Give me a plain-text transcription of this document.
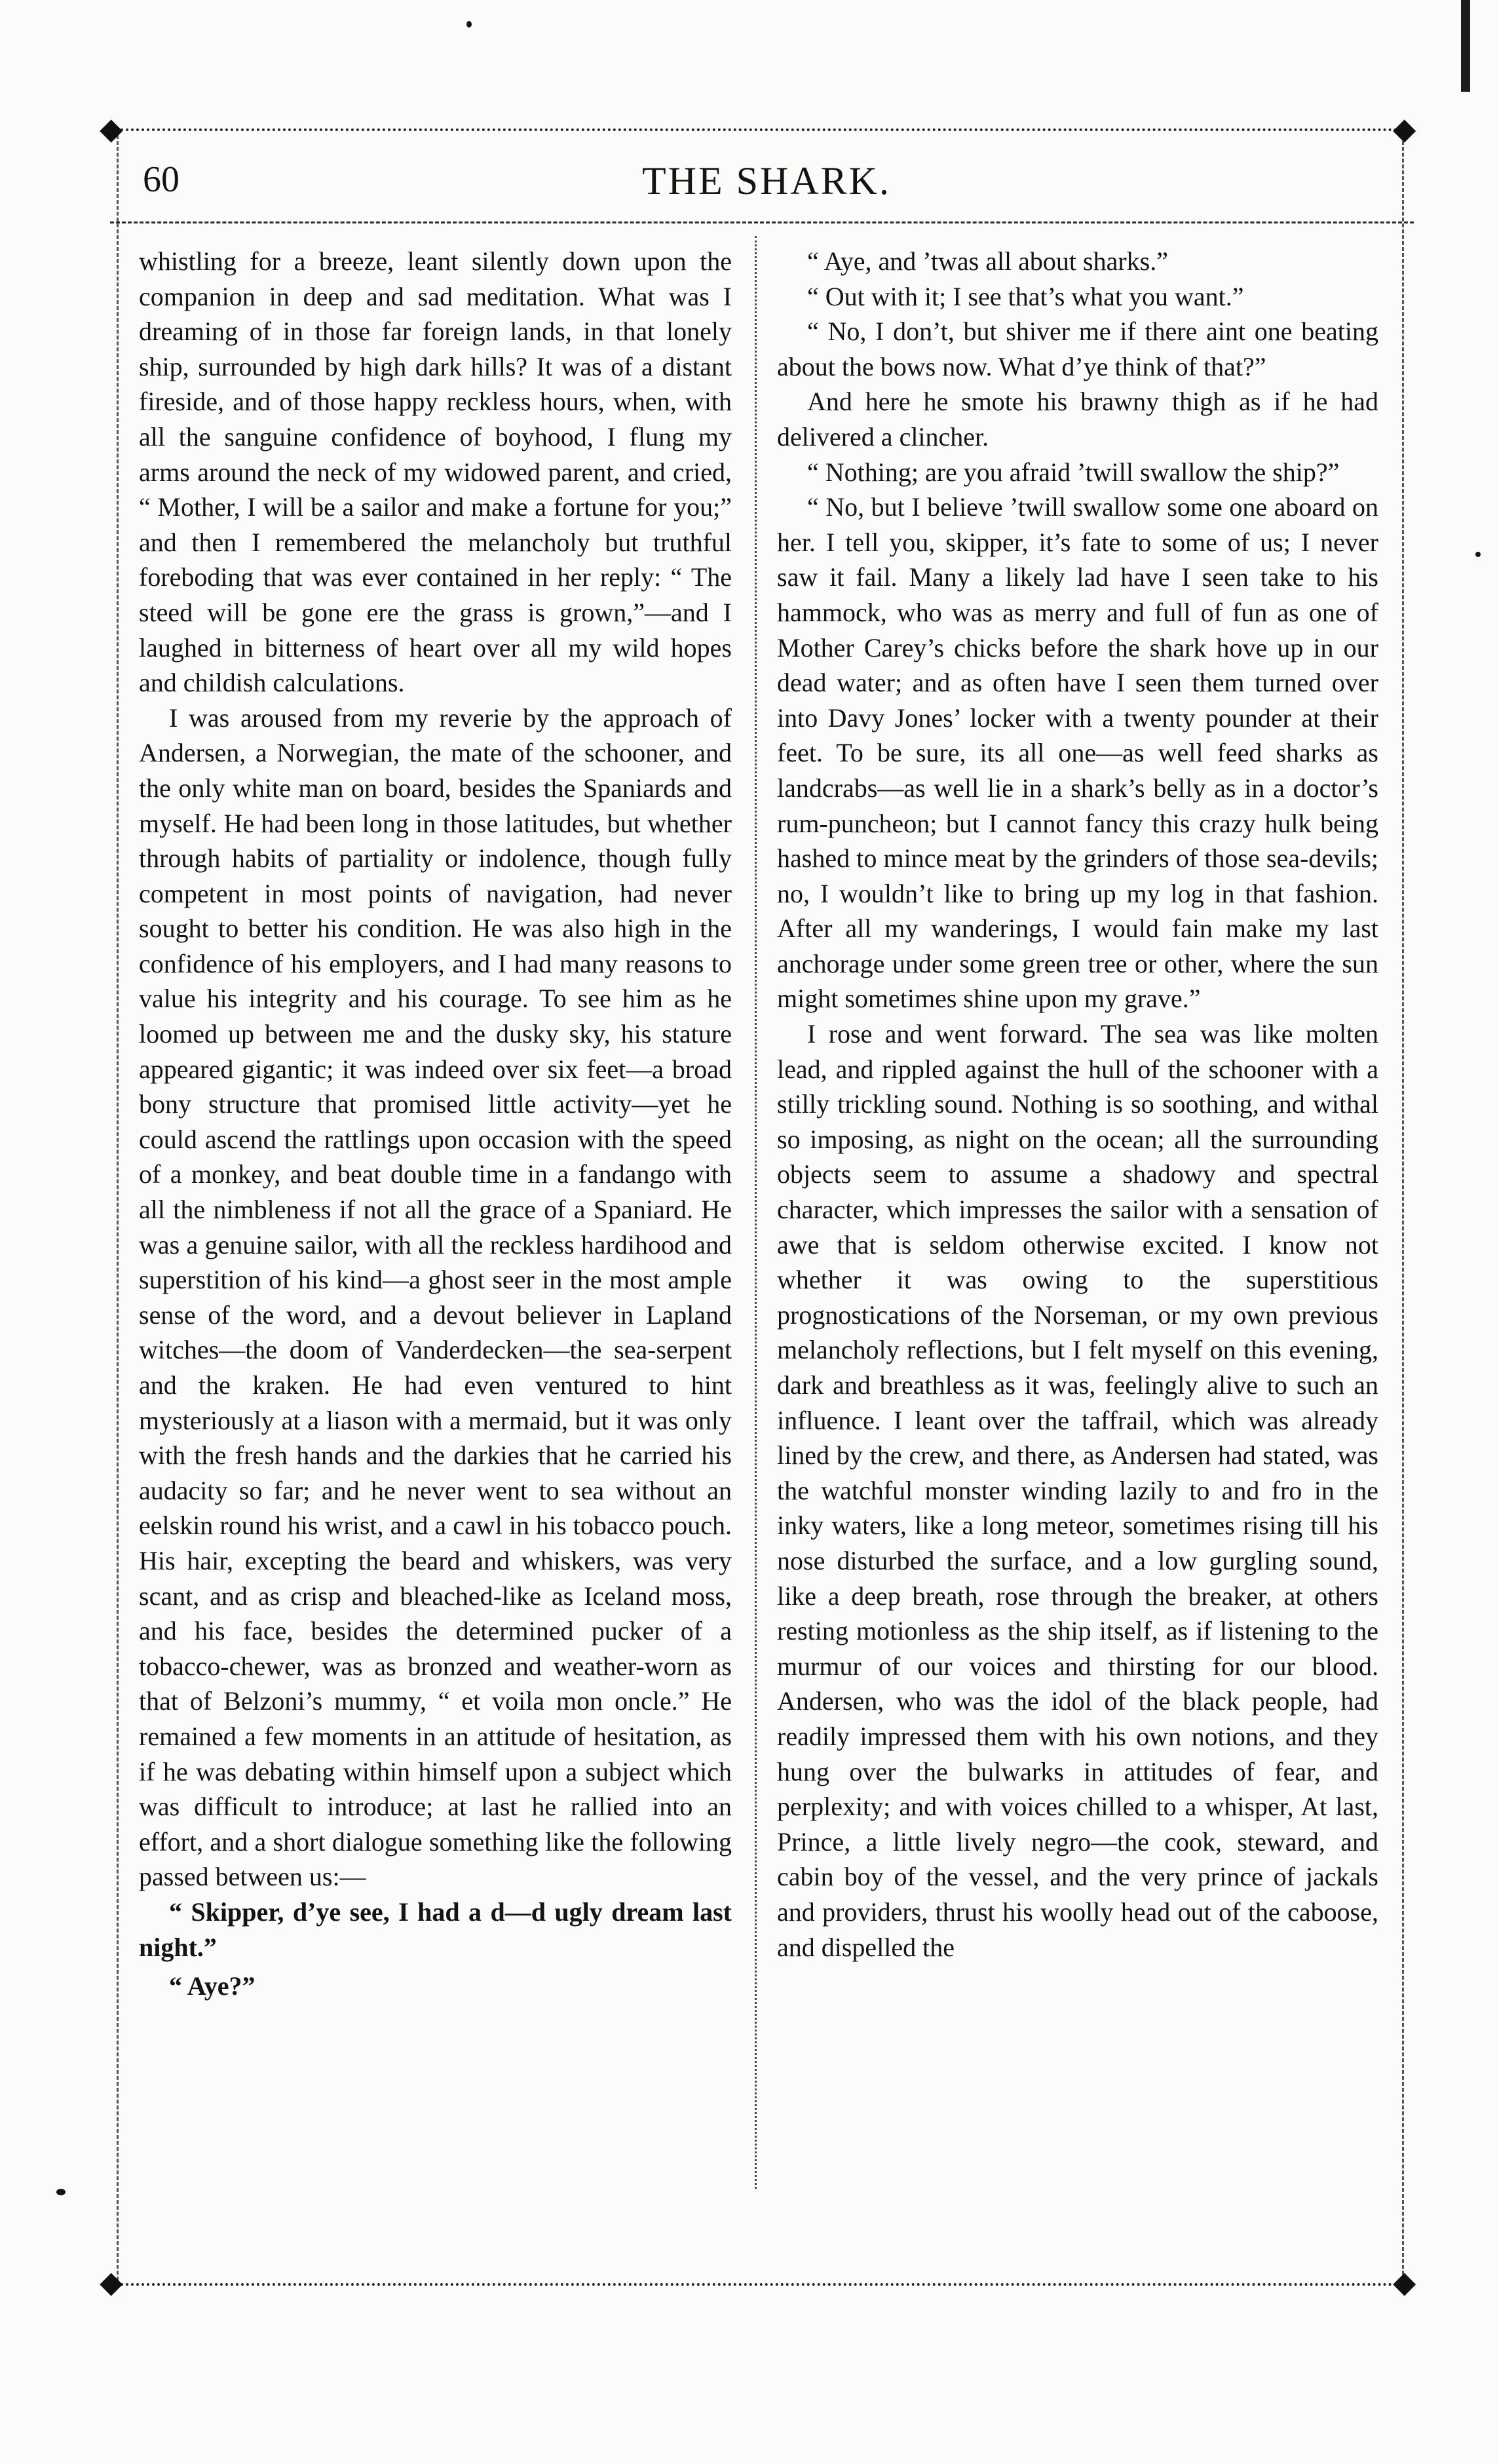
◆	◆
◆	◆
60	THE SHARK.

whistling for a breeze, leant silently down upon the companion in deep and sad meditation. What was I dreaming of in those far foreign lands, in that lonely ship, surrounded by high dark hills? It was of a distant fireside, and of those happy reckless hours, when, with all the sanguine confidence of boyhood, I flung my arms around the neck of my widowed parent, and cried, “ Mother, I will be a sailor and make a fortune for you;” and then I remembered the melancholy but truthful foreboding that was ever contained in her reply: “ The steed will be gone ere the grass is grown,”—and I laughed in bitterness of heart over all my wild hopes and childish calculations.

I was aroused from my reverie by the approach of Andersen, a Norwegian, the mate of the schooner, and the only white man on board, besides the Spaniards and myself. He had been long in those latitudes, but whether through habits of partiality or indolence, though fully competent in most points of navigation, had never sought to better his condition. He was also high in the confidence of his employers, and I had many reasons to value his integrity and his courage. To see him as he loomed up between me and the dusky sky, his stature appeared gigantic; it was indeed over six feet—a broad bony structure that promised little activity—yet he could ascend the rattlings upon occasion with the speed of a monkey, and beat double time in a fandango with all the nimbleness if not all the grace of a Spaniard. He was a genuine sailor, with all the reckless hardihood and superstition of his kind—a ghost seer in the most ample sense of the word, and a devout believer in Lapland witches—the doom of Vanderdecken—the sea-serpent and the kraken. He had even ventured to hint mysteriously at a liason with a mermaid, but it was only with the fresh hands and the darkies that he carried his audacity so far; and he never went to sea without an eelskin round his wrist, and a cawl in his tobacco pouch. His hair, excepting the beard and whiskers, was very scant, and as crisp and bleached-like as Iceland moss, and his face, besides the determined pucker of a tobacco-chewer, was as bronzed and weather-worn as that of Belzoni’s mummy, “ et voila mon oncle.” He remained a few moments in an attitude of hesitation, as if he was debating within himself upon a subject which was difficult to introduce; at last he rallied into an effort, and a short dialogue something like the following passed between us:—

“ Skipper, d’ye see, I had a d—d ugly dream last night.”

“ Aye?”

“ Aye, and ’twas all about sharks.”

“ Out with it; I see that’s what you want.”

“ No, I don’t, but shiver me if there aint one beating about the bows now. What d’ye think of that?”

And here he smote his brawny thigh as if he had delivered a clincher.

“ Nothing; are you afraid ’twill swallow the ship?”

“ No, but I believe ’twill swallow some one aboard on her. I tell you, skipper, it’s fate to some of us; I never saw it fail. Many a likely lad have I seen take to his hammock, who was as merry and full of fun as one of Mother Carey’s chicks before the shark hove up in our dead water; and as often have I seen them turned over into Davy Jones’ locker with a twenty pounder at their feet. To be sure, its all one—as well feed sharks as landcrabs—as well lie in a shark’s belly as in a doctor’s rum-puncheon; but I cannot fancy this crazy hulk being hashed to mince meat by the grinders of those sea-devils; no, I wouldn’t like to bring up my log in that fashion. After all my wanderings, I would fain make my last anchorage under some green tree or other, where the sun might sometimes shine upon my grave.”

I rose and went forward. The sea was like molten lead, and rippled against the hull of the schooner with a stilly trickling sound. Nothing is so soothing, and withal so imposing, as night on the ocean; all the surrounding objects seem to assume a shadowy and spectral character, which impresses the sailor with a sensation of awe that is seldom otherwise excited. I know not whether it was owing to the superstitious prognostications of the Norseman, or my own previous melancholy reflections, but I felt myself on this evening, dark and breathless as it was, feelingly alive to such an influence. I leant over the taffrail, which was already lined by the crew, and there, as Andersen had stated, was the watchful monster winding lazily to and fro in the inky waters, like a long meteor, sometimes rising till his nose disturbed the surface, and a low gurgling sound, like a deep breath, rose through the breaker, at others resting motionless as the ship itself, as if listening to the murmur of our voices and thirsting for our blood. Andersen, who was the idol of the black people, had readily impressed them with his own notions, and they hung over the bulwarks in attitudes of fear, and perplexity; and with voices chilled to a whisper, At last, Prince, a little lively negro—the cook, steward, and cabin boy of the vessel, and the very prince of jackals and providers, thrust his woolly head out of the caboose, and dispelled the
